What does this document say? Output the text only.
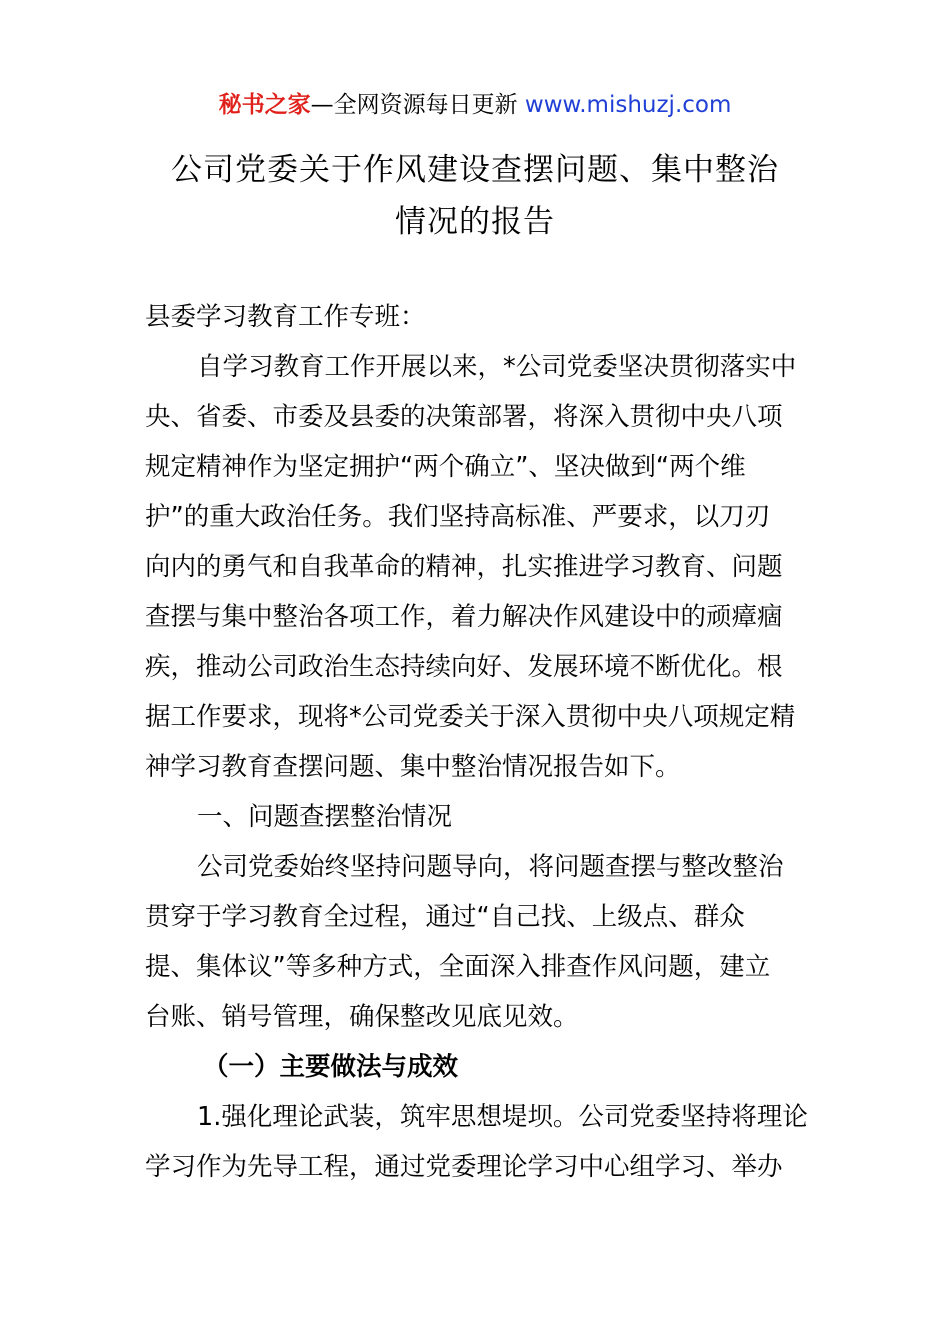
秘书之家—全网资源每日更新 www.mishuzj.com
公司党委关于作风建设查摆问题、集中整治
情况的报告
县委学习教育工作专班：
自学习教育工作开展以来，*公司党委坚决贯彻落实中
央、省委、市委及县委的决策部署，将深入贯彻中央八项
规定精神作为坚定拥护“两个确立”、坚决做到“两个维
护”的重大政治任务。我们坚持高标准、严要求，以刀刃
向内的勇气和自我革命的精神，扎实推进学习教育、问题
查摆与集中整治各项工作，着力解决作风建设中的顽瘴痼
疾，推动公司政治生态持续向好、发展环境不断优化。根
据工作要求，现将*公司党委关于深入贯彻中央八项规定精
神学习教育查摆问题、集中整治情况报告如下。
一、问题查摆整治情况
公司党委始终坚持问题导向，将问题查摆与整改整治
贯穿于学习教育全过程，通过“自己找、上级点、群众
提、集体议”等多种方式，全面深入排查作风问题，建立
台账、销号管理，确保整改见底见效。
（一）主要做法与成效
1.强化理论武装，筑牢思想堤坝。公司党委坚持将理论
学习作为先导工程，通过党委理论学习中心组学习、举办
